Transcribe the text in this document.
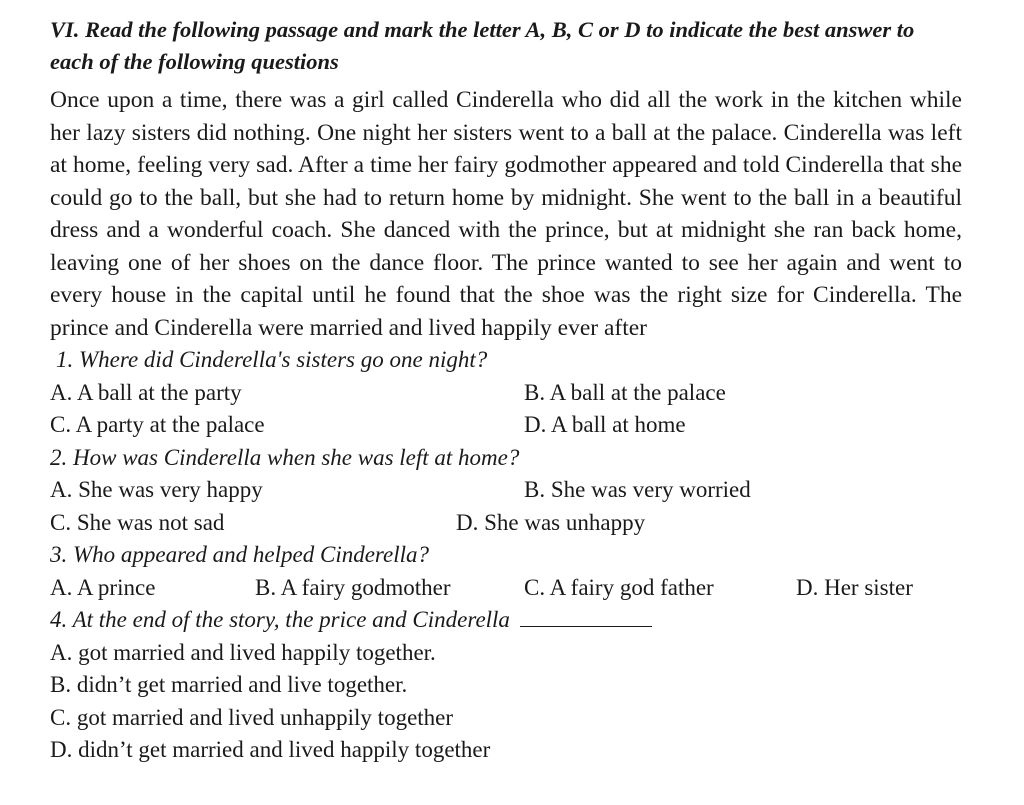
VI. Read the following passage and mark the letter A, B, C or D to indicate the best answer to each of the following questions

Once upon a time, there was a girl called Cinderella who did all the work in the kitchen while her lazy sisters did nothing. One night her sisters went to a ball at the palace. Cinderella was left at home, feeling very sad. After a time her fairy godmother appeared and told Cinderella that she could go to the ball, but she had to return home by midnight. She went to the ball in a beautiful dress and a wonderful coach. She danced with the prince, but at midnight she ran back home, leaving one of her shoes on the dance floor. The prince wanted to see her again and went to every house in the capital until he found that the shoe was the right size for Cinderella. The prince and Cinderella were married and lived happily ever after

1. Where did Cinderella's sisters go one night?

A. A ball at the party	B. A ball at the palace
C. A party at the palace	D. A ball at home

2. How was Cinderella when she was left at home?

A. She was very happy	B. She was very worried
C. She was not sad	D. She was unhappy

3. Who appeared and helped Cinderella?

A. A prince	B. A fairy godmother	C. A fairy god father	D. Her sister

4. At the end of the story, the price and Cinderella

A. got married and lived happily together.

B. didn’t get married and live together.

C. got married and lived unhappily together

D. didn’t get married and lived happily together
